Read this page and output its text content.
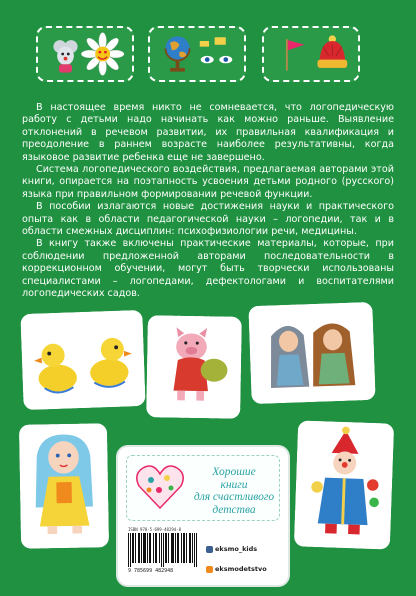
В настоящее время никто не сомневается, что логопедическую работу с детьми надо начинать как можно раньше. Выявление отклонений в речевом развитии, их правильная квалификация и преодоление в раннем возрасте наиболее результативны, когда языковое развитие ребенка еще не завершено.

Система логопедического воздействия, предлагаемая авторами этой книги, опирается на поэтапность усвоения детьми родного (русского) языка при правильном формировании речевой функции.

В пособии излагаются новые достижения науки и практического опыта как в области педагогической науки – логопедии, так и в области смежных дисциплин: психофизиологии речи, медицины.

В книгу также включены практические материалы, которые, при соблюдении предложенной авторами последовательности в коррекционном обучении, могут быть творчески использованы специалистами – логопедами, дефектологами и воспитателями логопедических садов.

Хорошие
книги
для счастливого
детства
ISBN 978-5-699-48294-8
9 785699 482948
eksmo_kids
eksmodetstvo
